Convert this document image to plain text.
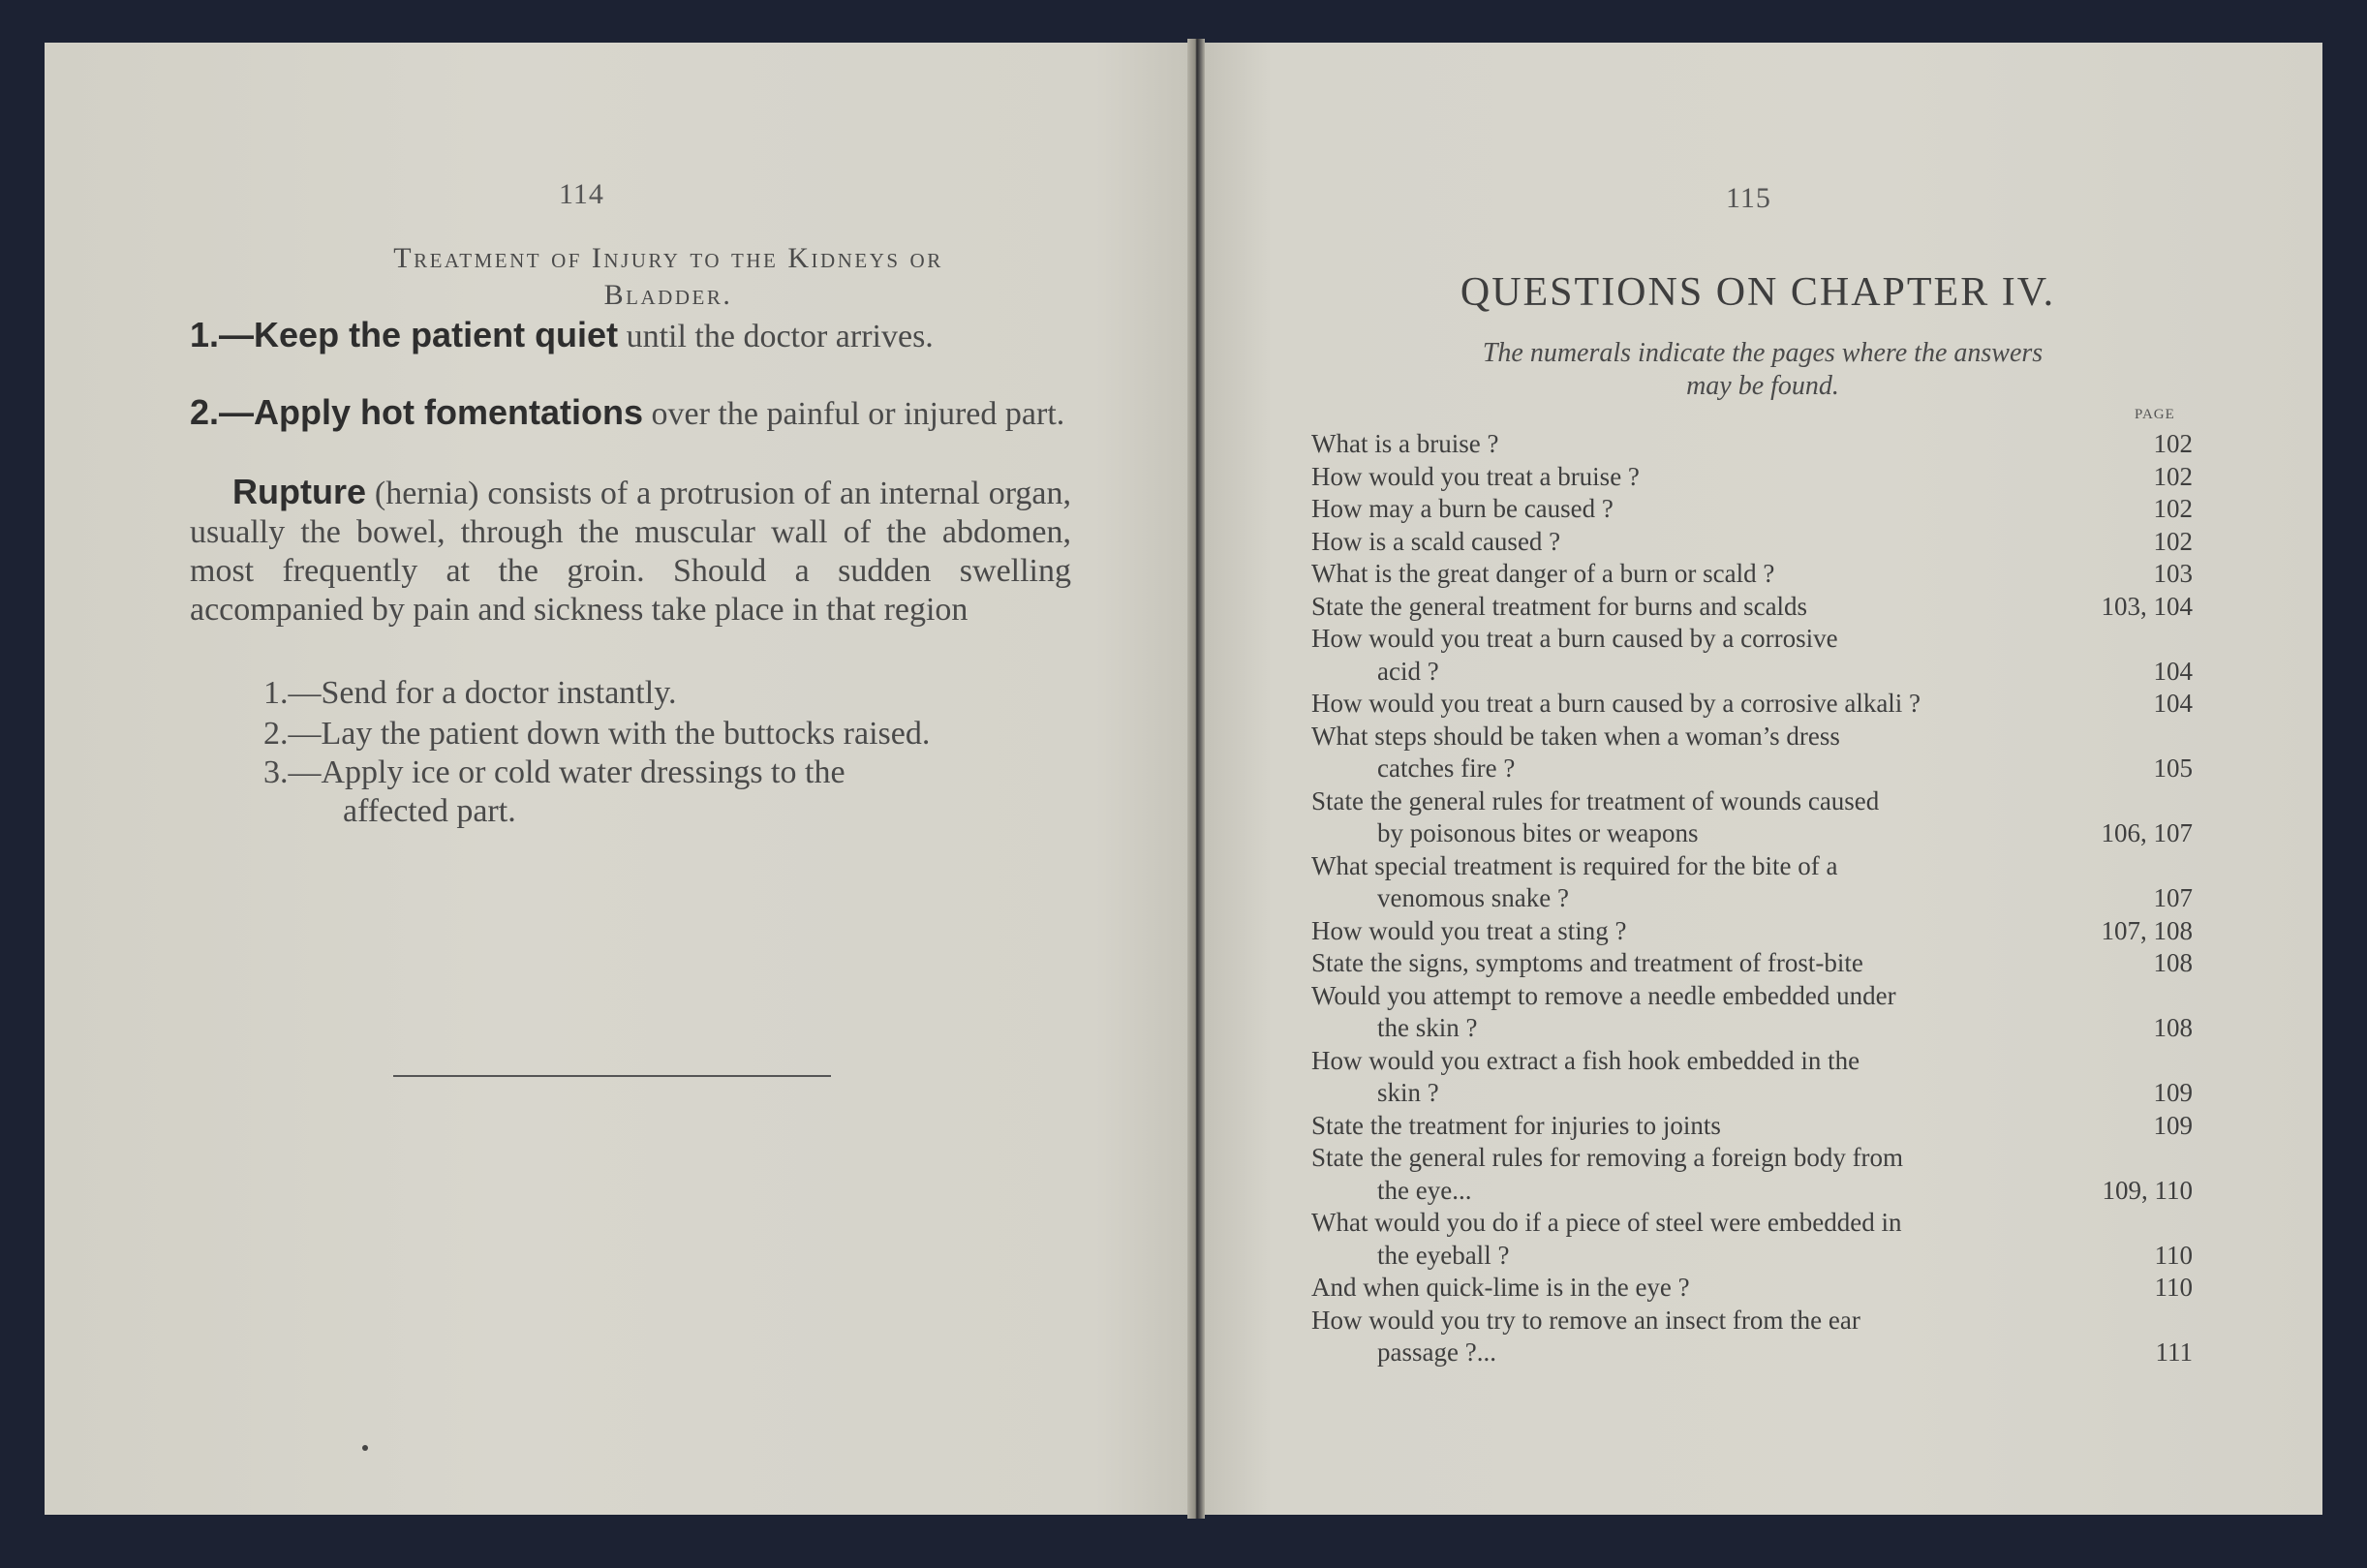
114
Treatment of Injury to the Kidneys or
Bladder.
1.—Keep the patient quiet until the doctor arrives.
2.—Apply hot fomentations over the painful or injured part.
Rupture (hernia) consists of a protrusion of an internal organ, usually the bowel, through the muscular wall of the abdomen, most frequently at the groin. Should a sudden swelling accompanied by pain and sickness take place in that region
1.—Send for a doctor instantly.
2.—Lay the patient down with the buttocks raised.
3.—Apply ice or cold water dressings to the
affected part.
115
QUESTIONS ON CHAPTER IV.
The numerals indicate the pages where the answers
may be found.
PAGE
What is a bruise ?	102
How would you treat a bruise ?	102
How may a burn be caused ?	102
How is a scald caused ?	102
What is the great danger of a burn or scald ?	103
State the general treatment for burns and scalds	103, 104
How would you treat a burn caused by a corrosive
acid ?	104
How would you treat a burn caused by a corrosive alkali ?	104
What steps should be taken when a woman’s dress
catches fire ?	105
State the general rules for treatment of wounds caused
by poisonous bites or weapons	106, 107
What special treatment is required for the bite of a
venomous snake ?	107
How would you treat a sting ?	107, 108
State the signs, symptoms and treatment of frost-bite	108
Would you attempt to remove a needle embedded under
the skin ?	108
How would you extract a fish hook embedded in the
skin ?	109
State the treatment for injuries to joints	109
State the general rules for removing a foreign body from
the eye...	109, 110
What would you do if a piece of steel were embedded in
the eyeball ?	110
And when quick-lime is in the eye ?	110
How would you try to remove an insect from the ear
passage ?...	111
